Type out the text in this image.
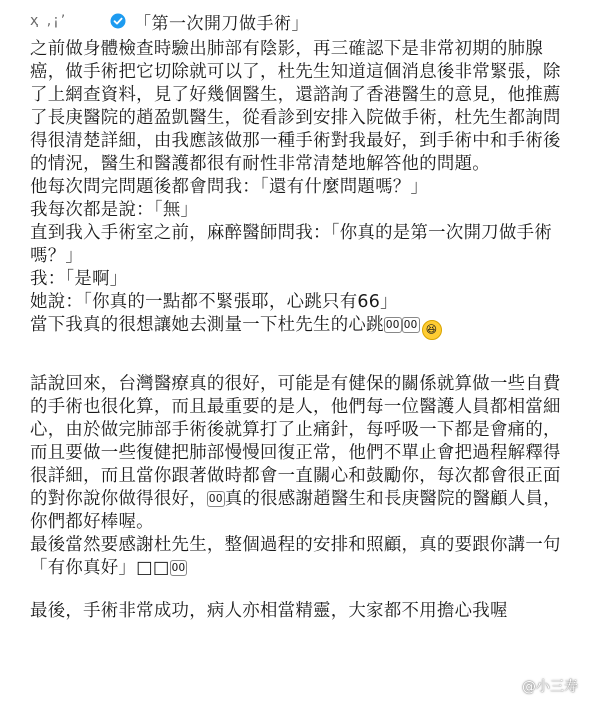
ҳ ,¡’	「第一次開刀做手術」

之前做身體檢查時驗出肺部有陰影，再三確認下是非常初期的肺腺癌，做手術把它切除就可以了，杜先生知道這個消息後非常緊張，除了上網查資料，見了好幾個醫生，還諮詢了香港醫生的意見，他推薦了長庚醫院的趙盈凱醫生，從看診到安排入院做手術，杜先生都詢問得很清楚詳細，由我應該做那一種手術對我最好，到手術中和手術後的情況，醫生和醫護都很有耐性非常清楚地解答他的問題。

他每次問完問題後都會問我：「還有什麼問題嗎？」
我每次都是說：「無」

直到我入手術室之前，麻醉醫師問我：「你真的是第一次開刀做手術嗎？」

我：「是啊」
她說：「你真的一點都不緊張耶，心跳只有66」
當下我真的很想讓她去測量一下杜先生的心跳 OO OO 😆

話說回來，台灣醫療真的很好，可能是有健保的關係就算做一些自費的手術也很化算，而且最重要的是人，他們每一位醫護人員都相當細心，由於做完肺部手術後就算打了止痛針，每呼吸一下都是會痛的，而且要做一些復健把肺部慢慢回復正常，他們不單止會把過程解釋得很詳細，而且當你跟著做時都會一直關心和鼓勵你，每次都會很正面的對你說你做得很好， OO 真的很感謝趙醫生和長庚醫院的醫顧人員，你們都好棒喔。

最後當然要感謝杜先生，整個過程的安排和照顧，真的要跟你講一句「有你真好」□□ OO

最後，手術非常成功，病人亦相當精靈，大家都不用擔心我喔
@小三寿
